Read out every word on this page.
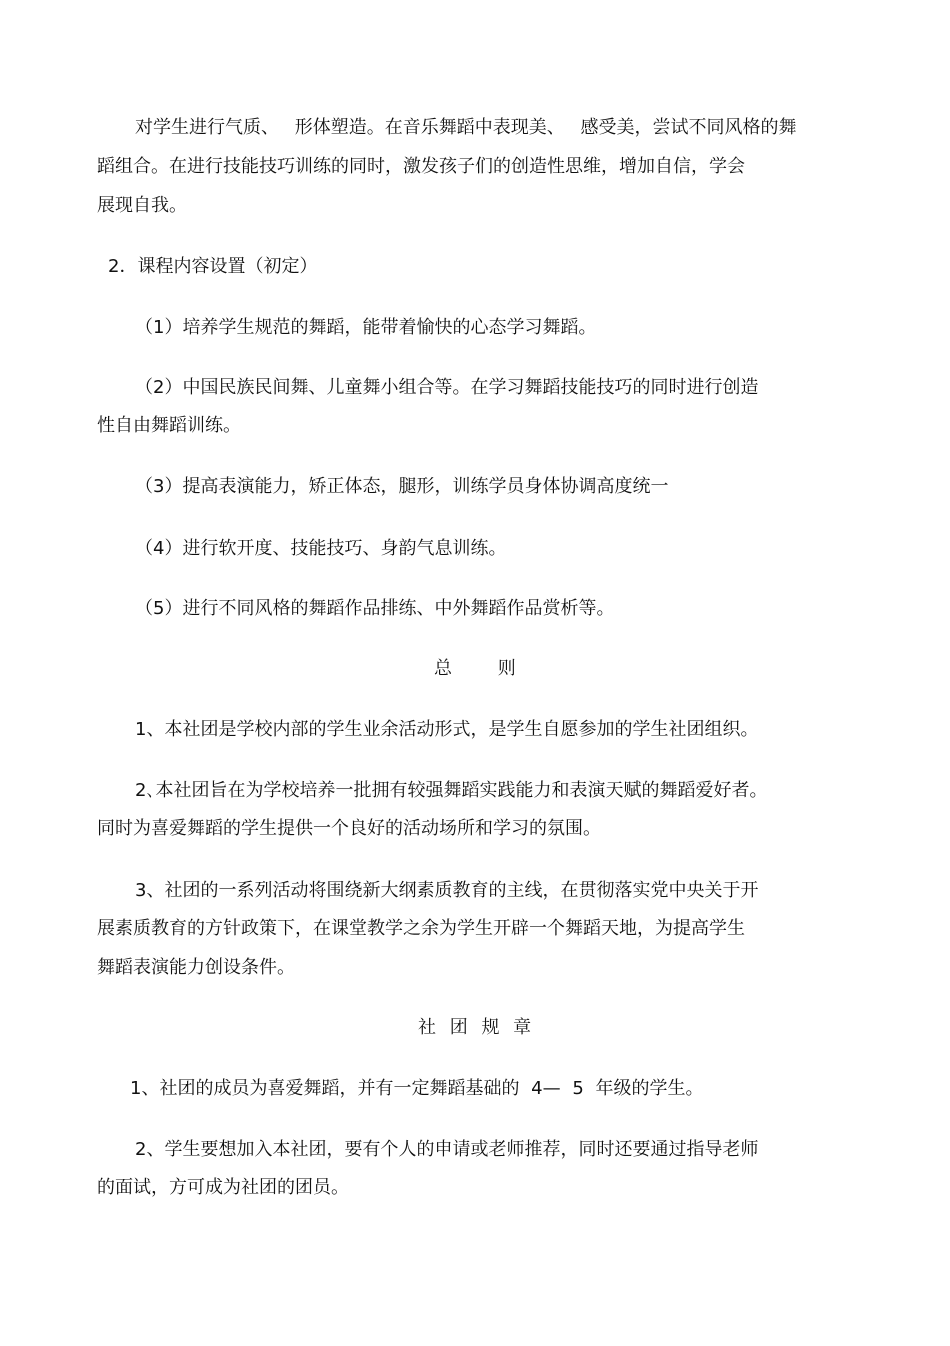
对学生进行气质、 形体塑造。在音乐舞蹈中表现美、 感受美，尝试不同风格的舞
蹈组合。在进行技能技巧训练的同时，激发孩子们的创造性思维，增加自信，学会
展现自我。
2．课程内容设置（初定）
（1）培养学生规范的舞蹈，能带着愉快的心态学习舞蹈。
（2）中国民族民间舞、儿童舞小组合等。在学习舞蹈技能技巧的同时进行创造
性自由舞蹈训练。
（3）提高表演能力，矫正体态，腿形，训练学员身体协调高度统一
（4）进行软开度、技能技巧、身韵气息训练。
（5）进行不同风格的舞蹈作品排练、中外舞蹈作品赏析等。
总 则
1、本社团是学校内部的学生业余活动形式，是学生自愿参加的学生社团组织。
2､本社团旨在为学校培养一批拥有较强舞蹈实践能力和表演天赋的舞蹈爱好者。
同时为喜爱舞蹈的学生提供一个良好的活动场所和学习的氛围。
3、社团的一系列活动将围绕新大纲素质教育的主线，在贯彻落实党中央关于开
展素质教育的方针政策下，在课堂教学之余为学生开辟一个舞蹈天地，为提高学生
舞蹈表演能力创设条件。
社 团 规 章
1、社团的成员为喜爱舞蹈，并有一定舞蹈基础的 4— 5 年级的学生。
2、学生要想加入本社团，要有个人的申请或老师推荐，同时还要通过指导老师
的面试，方可成为社团的团员。
